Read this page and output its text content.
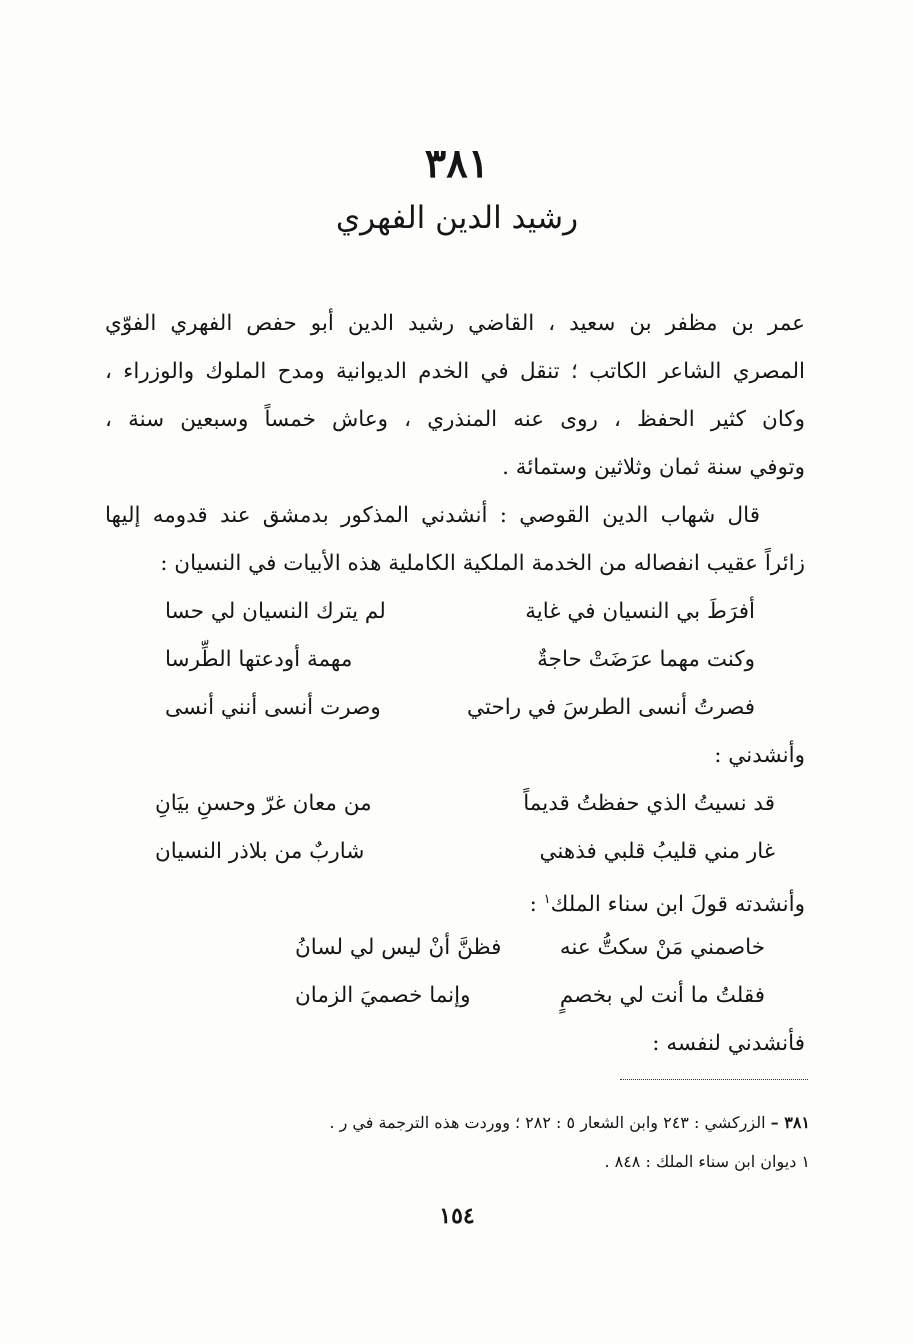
٣٨١
رشيد الدين الفهري
عمر بن مظفر بن سعيد ، القاضي رشيد الدين أبو حفص الفهري الفوّي
المصري الشاعر الكاتب ؛ تنقل في الخدم الديوانية ومدح الملوك والوزراء ،
وكان كثير الحفظ ، روى عنه المنذري ، وعاش خمساً وسبعين سنة ،
وتوفي سنة ثمان وثلاثين وستمائة .
قال شهاب الدين القوصي : أنشدني المذكور بدمشق عند قدومه إليها
زائراً عقيب انفصاله من الخدمة الملكية الكاملية هذه الأبيات في النسيان :
أفرَطَ بي النسيان في غاية
لم يترك النسيان لي حسا
وكنت مهما عرَضَتْ حاجةٌ
مهمة أودعتها الطِّرسا
فصرتُ أنسى الطرسَ في راحتي
وصرت أنسى أنني أنسى
وأنشدني :
قد نسيتُ الذي حفظتُ قديماً
من معان غرّ وحسنِ بيَانِ
غار مني قليبُ قلبي فذهني
شاربٌ من بلاذر النسيان
وأنشدته قولَ ابن سناء الملك$^١$ :
خاصمني مَنْ سكتُّ عنه
فظنَّ أنْ ليس لي لسانُ
فقلتُ ما أنت لي بخصمٍ
وإنما خصميَ الزمان
فأنشدني لنفسه :
٣٨١ – الزركشي : ٢٤٣ وابن الشعار ٥ : ٢٨٢ ؛ ووردت هذه الترجمة في ر .
١ ديوان ابن سناء الملك : ٨٤٨ .
١٥٤
